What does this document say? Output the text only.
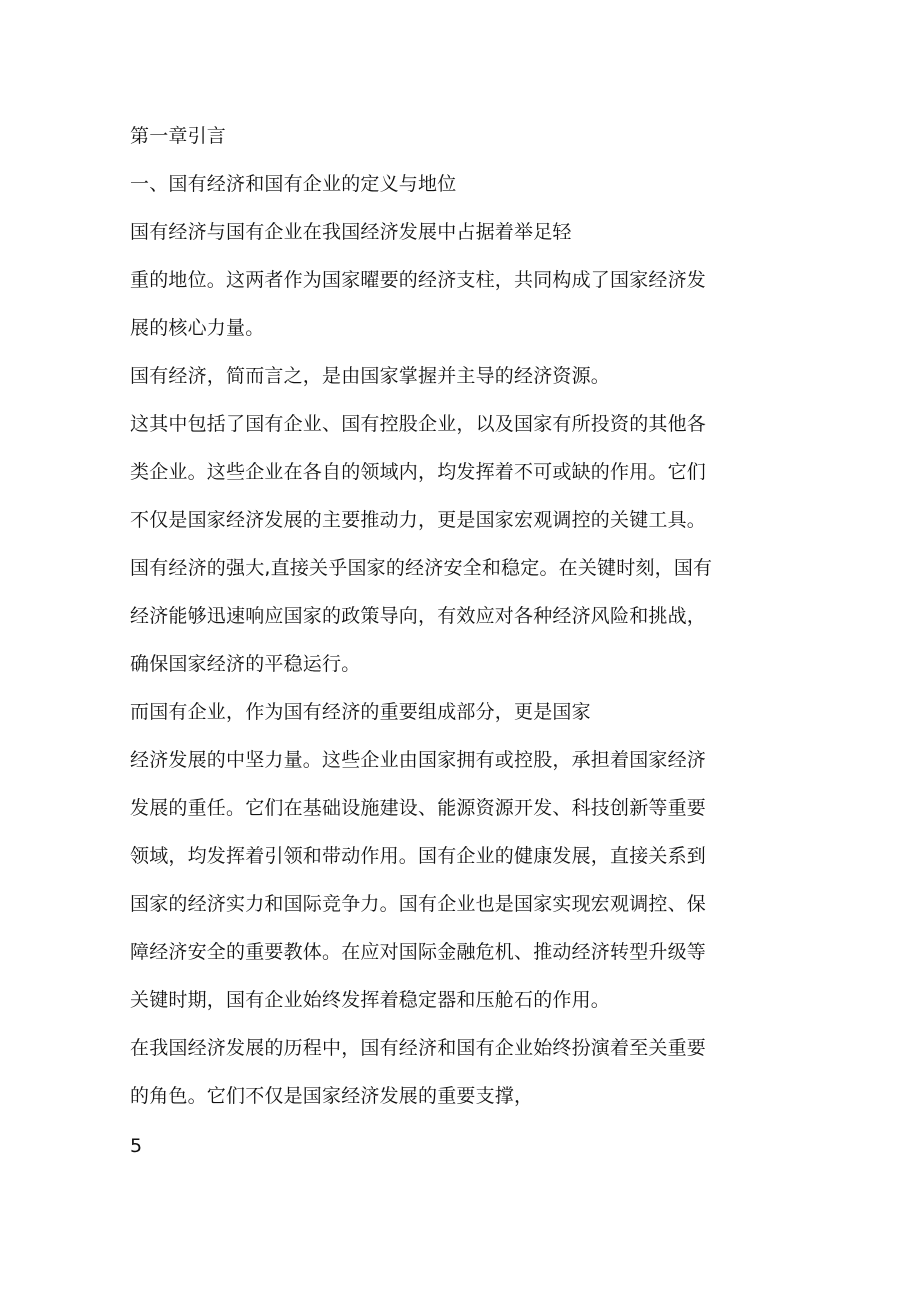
第一章引言
一、国有经济和国有企业的定义与地位
国有经济与国有企业在我国经济发展中占据着举足轻
重的地位。这两者作为国家曜要的经济支柱，共同构成了国家经济发
展的核心力量。
国有经济，简而言之，是由国家掌握并主导的经济资源。
这其中包括了国有企业、国有控股企业，以及国家有所投资的其他各
类企业。这些企业在各自的领域内，均发挥着不可或缺的作用。它们
不仅是国家经济发展的主要推动力，更是国家宏观调控的关键工具。
国有经济的强大,直接关乎国家的经济安全和稳定。在关键时刻，国有
经济能够迅速响应国家的政策导向，有效应对各种经济风险和挑战，
确保国家经济的平稳运行。
而国有企业，作为国有经济的重要组成部分，更是国家
经济发展的中坚力量。这些企业由国家拥有或控股，承担着国家经济
发展的重任。它们在基础设施建设、能源资源开发、科技创新等重要
领域，均发挥着引领和带动作用。国有企业的健康发展，直接关系到
国家的经济实力和国际竞争力。国有企业也是国家实现宏观调控、保
障经济安全的重要教体。在应对国际金融危机、推动经济转型升级等
关键时期，国有企业始终发挥着稳定器和压舱石的作用。
在我国经济发展的历程中，国有经济和国有企业始终扮演着至关重要
的角色。它们不仅是国家经济发展的重要支撑，
5
